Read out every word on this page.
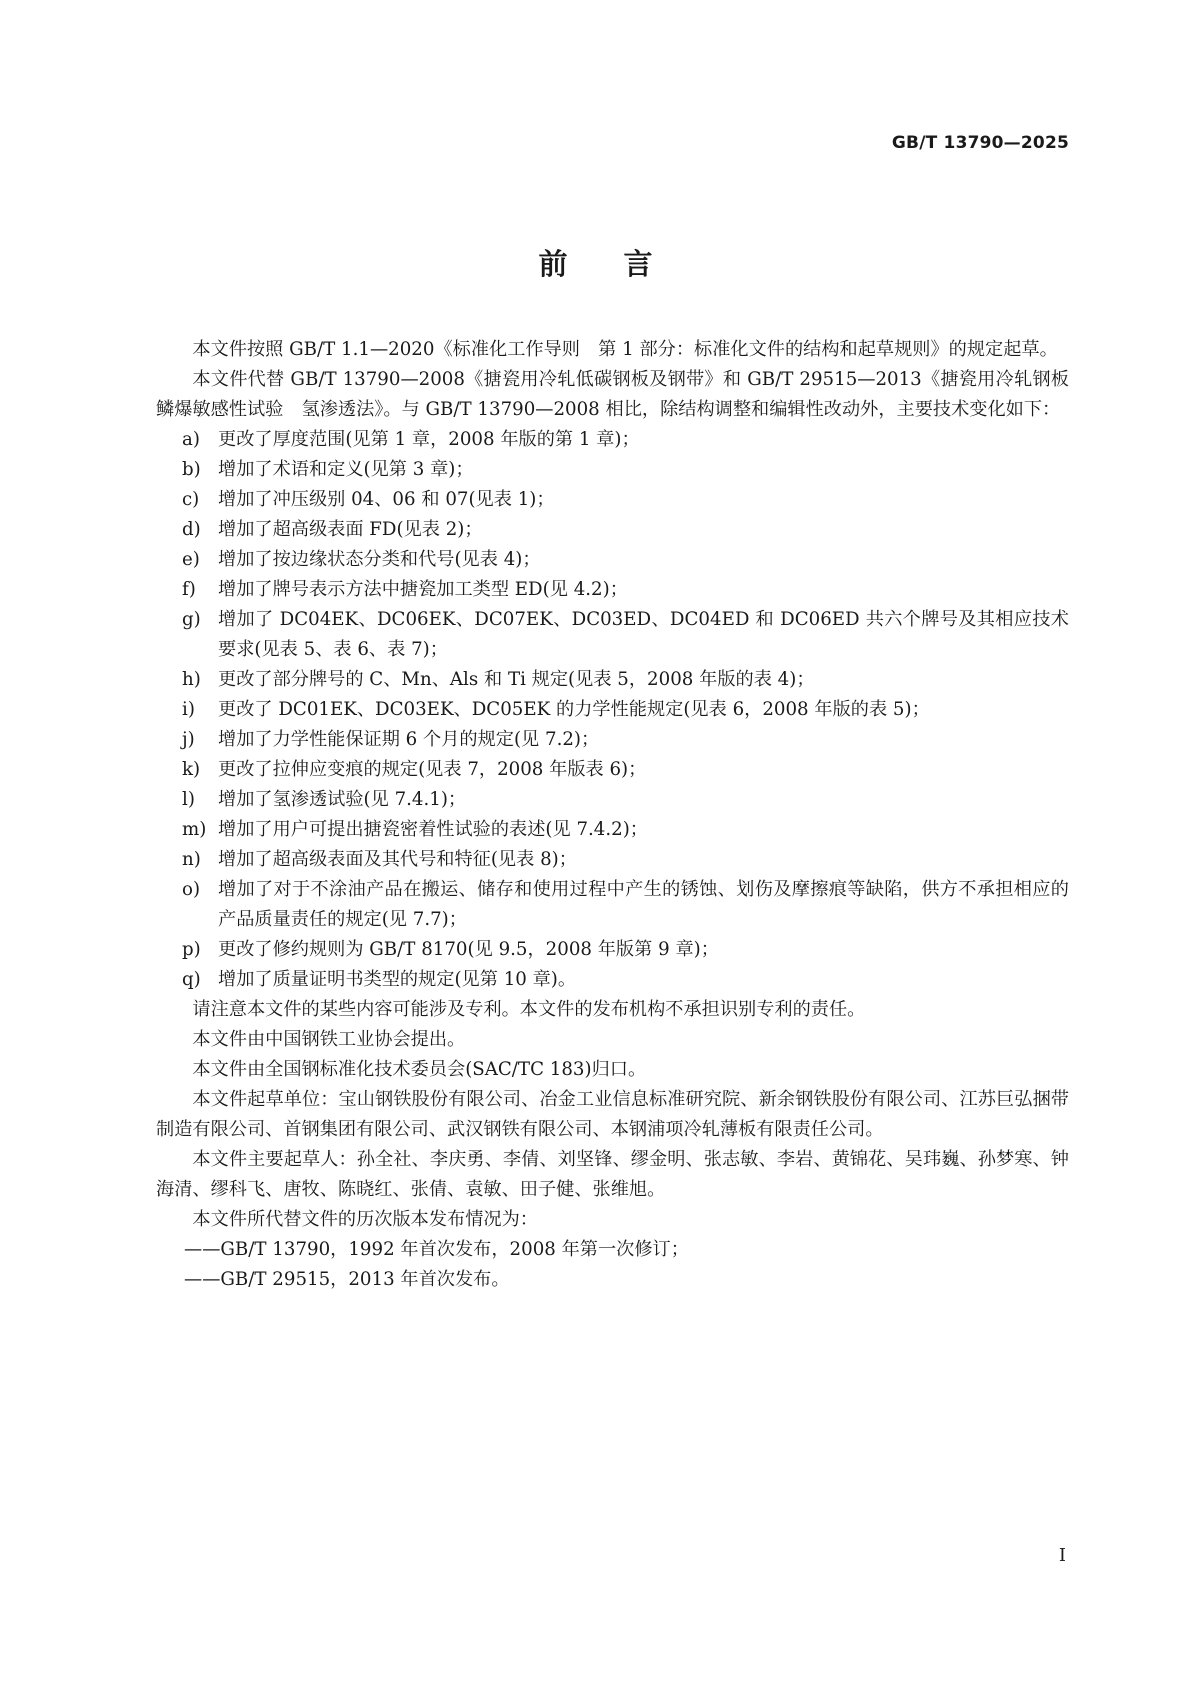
GB/T 13790—2025
前 言

本文件按照 GB/T 1.1—2020《标准化工作导则　第 1 部分：标准化文件的结构和起草规则》的规定起草。

本文件代替 GB/T 13790—2008《搪瓷用冷轧低碳钢板及钢带》和 GB/T 29515—2013《搪瓷用冷轧钢板　鳞爆敏感性试验　氢渗透法》。与 GB/T 13790—2008 相比，除结构调整和编辑性改动外，主要技术变化如下：

a) 更改了厚度范围(见第 1 章，2008 年版的第 1 章)；
b) 增加了术语和定义(见第 3 章)；
c) 增加了冲压级别 04、06 和 07(见表 1)；
d) 增加了超高级表面 FD(见表 2)；
e) 增加了按边缘状态分类和代号(见表 4)；
f) 增加了牌号表示方法中搪瓷加工类型 ED(见 4.2)；
g) 增加了 DC04EK、DC06EK、DC07EK、DC03ED、DC04ED 和 DC06ED 共六个牌号及其相应技术要求(见表 5、表 6、表 7)；
h) 更改了部分牌号的 C、Mn、Als 和 Ti 规定(见表 5，2008 年版的表 4)；
i) 更改了 DC01EK、DC03EK、DC05EK 的力学性能规定(见表 6，2008 年版的表 5)；
j) 增加了力学性能保证期 6 个月的规定(见 7.2)；
k) 更改了拉伸应变痕的规定(见表 7，2008 年版表 6)；
l) 增加了氢渗透试验(见 7.4.1)；
m) 增加了用户可提出搪瓷密着性试验的表述(见 7.4.2)；
n) 增加了超高级表面及其代号和特征(见表 8)；
o) 增加了对于不涂油产品在搬运、储存和使用过程中产生的锈蚀、划伤及摩擦痕等缺陷，供方不承担相应的产品质量责任的规定(见 7.7)；
p) 更改了修约规则为 GB/T 8170(见 9.5，2008 年版第 9 章)；
q) 增加了质量证明书类型的规定(见第 10 章)。

请注意本文件的某些内容可能涉及专利。本文件的发布机构不承担识别专利的责任。

本文件由中国钢铁工业协会提出。

本文件由全国钢标准化技术委员会(SAC/TC 183)归口。

本文件起草单位：宝山钢铁股份有限公司、冶金工业信息标准研究院、新余钢铁股份有限公司、江苏巨弘捆带制造有限公司、首钢集团有限公司、武汉钢铁有限公司、本钢浦项冷轧薄板有限责任公司。

本文件主要起草人：孙全社、李庆勇、李倩、刘坚锋、缪金明、张志敏、李岩、黄锦花、吴玮巍、孙梦寒、钟海清、缪科飞、唐牧、陈晓红、张倩、袁敏、田子健、张维旭。

本文件所代替文件的历次版本发布情况为：

——GB/T 13790，1992 年首次发布，2008 年第一次修订；

——GB/T 29515，2013 年首次发布。

I
